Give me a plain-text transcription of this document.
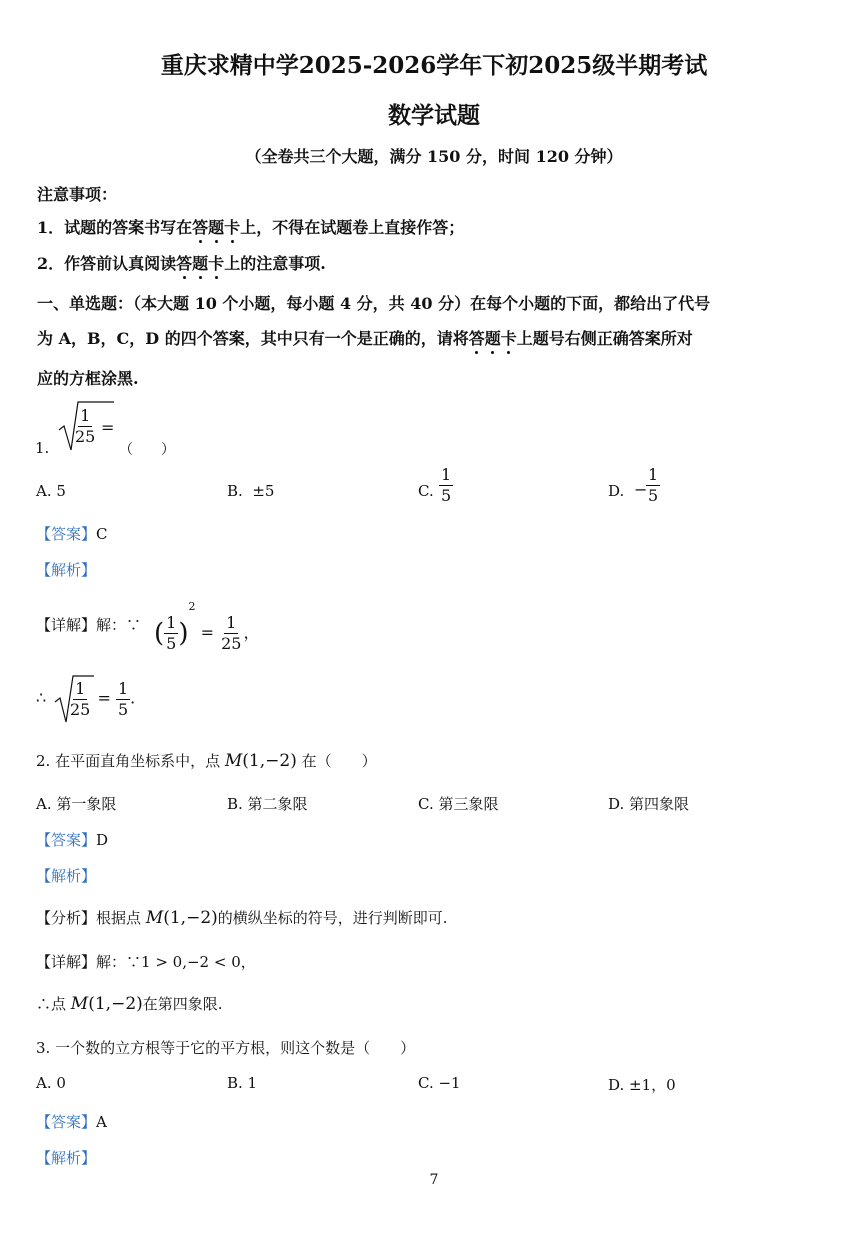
重庆求精中学2025-2026学年下初2025级半期考试
数学试题
（全卷共三个大题，满分 150 分，时间 120 分钟）
注意事项：
1．试题的答案书写在答题卡上，不得在试题卷上直接作答；
2．作答前认真阅读答题卡上的注意事项.
一、单选题：（本大题 10 个小题，每小题 4 分，共 40 分）在每个小题的下面，都给出了代号
为 A，B，C，D 的四个答案，其中只有一个是正确的，请将答题卡上题号右侧正确答案所对
应的方框涂黑.
1.
$\frac{1}{25}$ =
（　　）
A. 5	B. ±5	C. $\frac{1}{5}$	D. −
$\frac{1}{5}$
【答案】C
【解析】
【详解】解：∵ ( $\frac{1}{5} )^2 = \frac{1}{25}$ ，
∴ $\frac{1}{25} = \frac{1}{5}$ .
2. 在平面直角坐标系中，点 M(1,−2) 在（　　）
A. 第一象限	B. 第二象限	C. 第三象限	D. 第四象限
【答案】D
【解析】
【分析】根据点 M(1,−2)的横纵坐标的符号，进行判断即可.
【详解】解：∵1 > 0,−2 < 0，
∴点 M(1,−2)在第四象限.
3. 一个数的立方根等于它的平方根，则这个数是（　　）
A. 0	B. 1	C. −1	D. ±1，0
【答案】A
【解析】
7
